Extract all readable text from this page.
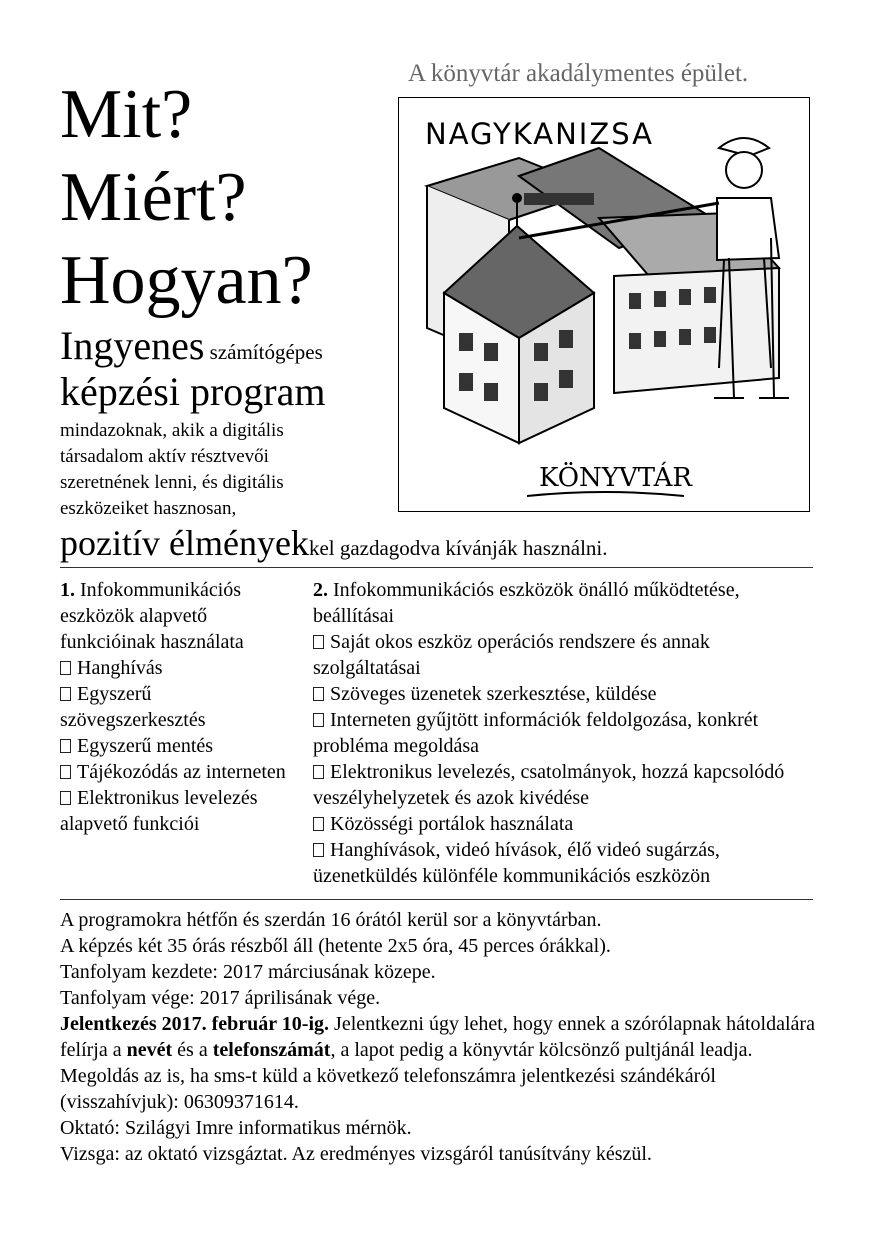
A könyvtár akadálymentes épület.
Mit?
Miért?
Hogyan?
Ingyenes számítógépes
képzési program
mindazoknak, akik a digitális társadalom aktív résztvevői szeretnének lenni, és digitális eszközeiket hasznosan,
pozitív élményekkel gazdagodva kívánják használni.
NAGYKANIZSA
KÖNYVTÁR
1. Infokommunikációs eszközök alapvető funkcióinak használata
Hanghívás
Egyszerű szövegszerkesztés
Egyszerű mentés
Tájékozódás az interneten
Elektronikus levelezés alapvető funkciói
2. Infokommunikációs eszközök önálló működtetése, beállításai
Saját okos eszköz operációs rendszere és annak szolgáltatásai
Szöveges üzenetek szerkesztése, küldése
Interneten gyűjtött információk feldolgozása, konkrét probléma megoldása
Elektronikus levelezés, csatolmányok, hozzá kapcsolódó veszélyhelyzetek és azok kivédése
Közösségi portálok használata
Hanghívások, videó hívások, élő videó sugárzás, üzenetküldés különféle kommunikációs eszközön

A programokra hétfőn és szerdán 16 órától kerül sor a könyvtárban.

A képzés két 35 órás részből áll (hetente 2x5 óra, 45 perces órákkal).

Tanfolyam kezdete: 2017 márciusának közepe.

Tanfolyam vége: 2017 áprilisának vége.

Jelentkezés 2017. február 10-ig. Jelentkezni úgy lehet, hogy ennek a szórólapnak hátoldalára felírja a nevét és a telefonszámát, a lapot pedig a könyvtár kölcsönző pultjánál leadja. Megoldás az is, ha sms-t küld a következő telefonszámra jelentkezési szándékáról (visszahívjuk): 06309371614.

Oktató: Szilágyi Imre informatikus mérnök.

Vizsga: az oktató vizsgáztat. Az eredményes vizsgáról tanúsítvány készül.
